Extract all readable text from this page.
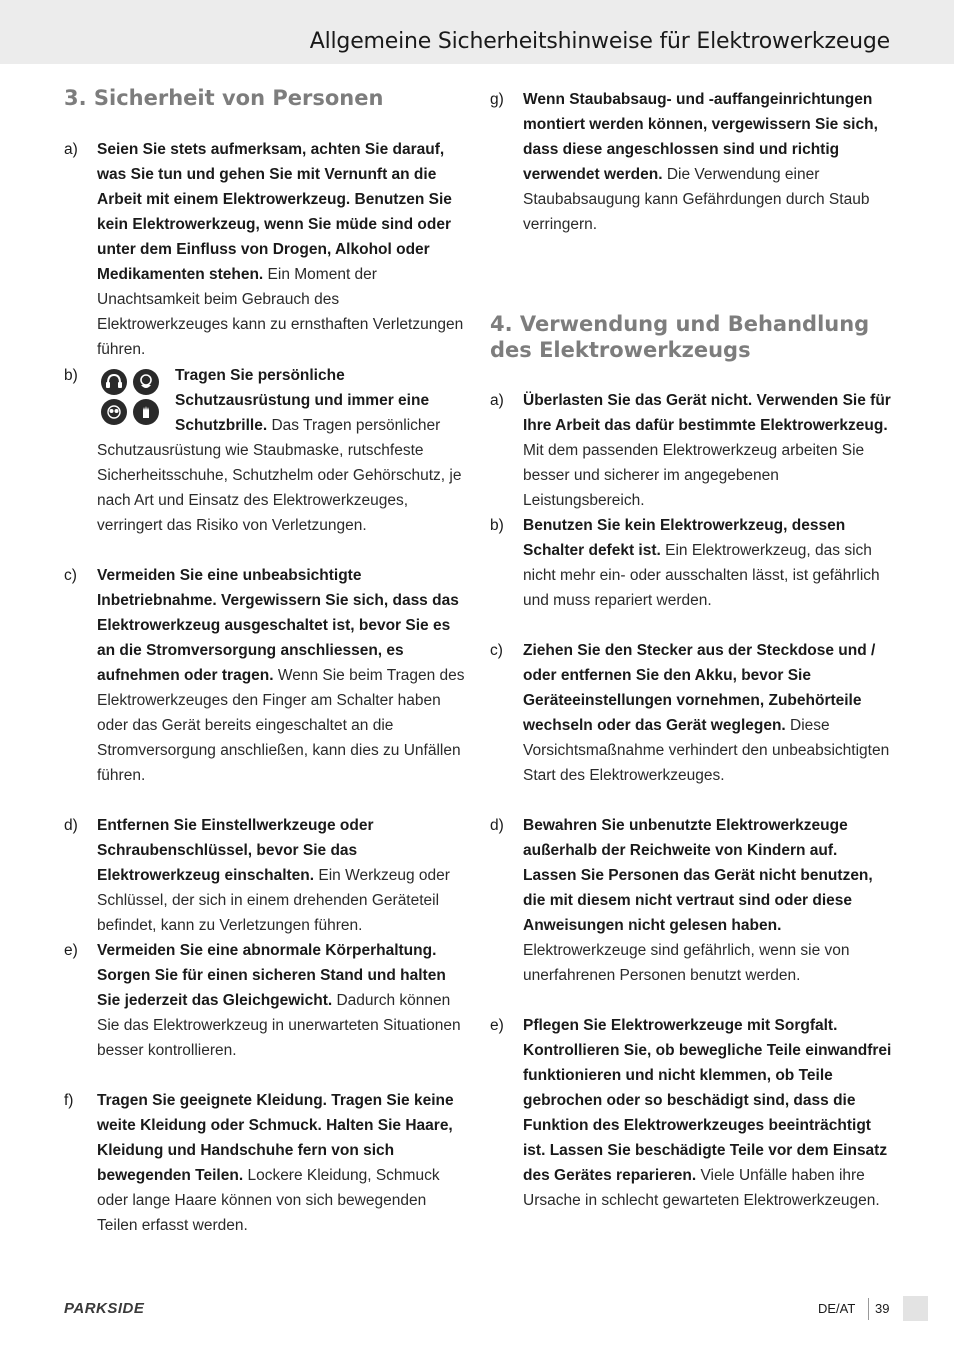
Allgemeine Sicherheitshinweise für Elektrowerkzeuge
3. Sicherheit von Personen
a) Seien Sie stets aufmerksam, achten Sie darauf, was Sie tun und gehen Sie mit Vernunft an die Arbeit mit einem Elektrowerkzeug. Benutzen Sie kein Elektrowerkzeug, wenn Sie müde sind oder unter dem Einfluss von Drogen, Alkohol oder Medikamenten stehen. Ein Moment der Unachtsamkeit beim Gebrauch des Elektrowerkzeuges kann zu ernsthaften Verletzungen führen.
b)	Tragen Sie persönliche Schutzausrüstung und immer eine Schutzbrille. Das Tragen persönlicher Schutzausrüstung wie Staubmaske, rutschfeste Sicherheitsschuhe, Schutzhelm oder Gehörschutz, je nach Art und Einsatz des Elektrowerkzeuges, verringert das Risiko von Verletzungen.
c) Vermeiden Sie eine unbeabsichtigte Inbetriebnahme. Vergewissern Sie sich, dass das Elektrowerkzeug ausgeschaltet ist, bevor Sie es an die Stromversorgung anschliessen, es aufnehmen oder tragen. Wenn Sie beim Tragen des Elektrowerkzeuges den Finger am Schalter haben oder das Gerät bereits eingeschaltet an die Stromversorgung anschließen, kann dies zu Unfällen führen.
d) Entfernen Sie Einstellwerkzeuge oder Schraubenschlüssel, bevor Sie das Elektrowerkzeug einschalten. Ein Werkzeug oder Schlüssel, der sich in einem drehenden Geräteteil befindet, kann zu Verletzungen führen.
e) Vermeiden Sie eine abnormale Körperhaltung. Sorgen Sie für einen sicheren Stand und halten Sie jederzeit das Gleichgewicht. Dadurch können Sie das Elektrowerkzeug in unerwarteten Situationen besser kontrollieren.
f) Tragen Sie geeignete Kleidung. Tragen Sie keine weite Kleidung oder Schmuck. Halten Sie Haare, Kleidung und Handschuhe fern von sich bewegenden Teilen. Lockere Kleidung, Schmuck oder lange Haare können von sich bewegenden Teilen erfasst werden.
g) Wenn Staubabsaug- und -auffangeinrichtungen montiert werden können, vergewissern Sie sich, dass diese angeschlossen sind und richtig verwendet werden. Die Verwendung einer Staubabsaugung kann Gefährdungen durch Staub verringern.
4. Verwendung und Behandlung des Elektrowerkzeugs
a) Überlasten Sie das Gerät nicht. Verwenden Sie für Ihre Arbeit das dafür bestimmte Elektrowerkzeug. Mit dem passenden Elektrowerkzeug arbeiten Sie besser und sicherer im angegebenen Leistungsbereich.
b) Benutzen Sie kein Elektrowerkzeug, dessen Schalter defekt ist. Ein Elektrowerkzeug, das sich nicht mehr ein- oder ausschalten lässt, ist gefährlich und muss repariert werden.
c) Ziehen Sie den Stecker aus der Steckdose und / oder entfernen Sie den Akku, bevor Sie Geräteeinstellungen vornehmen, Zubehörteile wechseln oder das Gerät weglegen. Diese Vorsichtsmaßnahme verhindert den unbeabsichtigten Start des Elektrowerkzeuges.
d) Bewahren Sie unbenutzte Elektrowerkzeuge außerhalb der Reichweite von Kindern auf. Lassen Sie Personen das Gerät nicht benutzen, die mit diesem nicht vertraut sind oder diese Anweisungen nicht gelesen haben. Elektrowerkzeuge sind gefährlich, wenn sie von unerfahrenen Personen benutzt werden.
e) Pflegen Sie Elektrowerkzeuge mit Sorgfalt. Kontrollieren Sie, ob bewegliche Teile einwandfrei funktionieren und nicht klemmen, ob Teile gebrochen oder so beschädigt sind, dass die Funktion des Elektrowerkzeuges beeinträchtigt ist. Lassen Sie beschädigte Teile vor dem Einsatz des Gerätes reparieren. Viele Unfälle haben ihre Ursache in schlecht gewarteten Elektrowerkzeugen.
PARKSIDE	DE/AT 39
